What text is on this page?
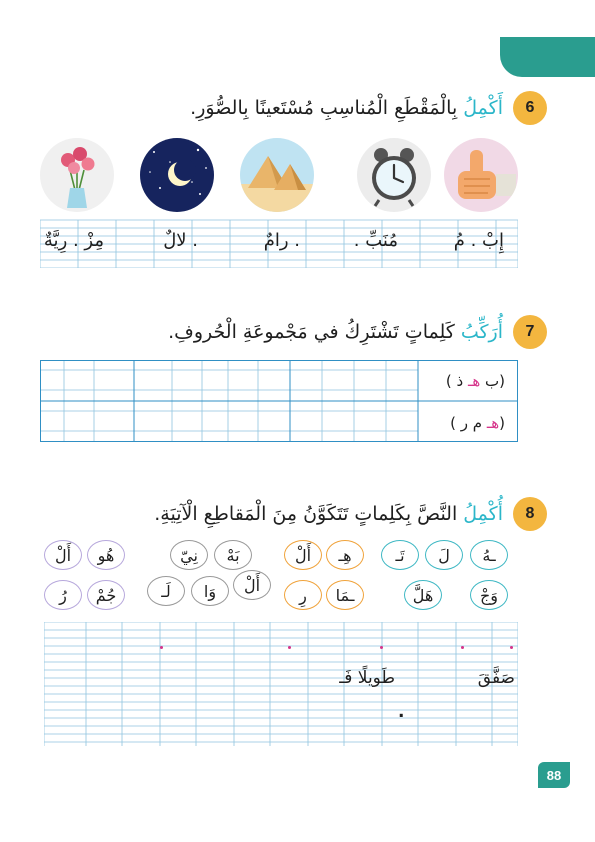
6
أَكْمِلُ بِالْمَقْطَعِ الْمُناسِبِ مُسْتَعينًا بِالصُّوَرِ.
إِبْ . مُ
مُنَبِّ .
. رامٌ
. لالٌ
مِزْ . رِيَّةٌ
7
أُرَكِّبُ كَلِماتٍ تَشْتَرِكُ في مَجْموعَةِ الْحُروفِ.
(ب هـ ذ )
(هـ م ر )
8
أُكْمِلُ النَّصَّ بِكَلِماتٍ تَتَكَوَّنُ مِنَ الْمَقاطِعِ الْآتِيَةِ.
ـهُ
لَ
تَـ
وَجْ
هَلَّ
هِـ
أَلْ
ـمَا
رِ
بَهْ
نِيّ
أَلْ
وَا
لَـ
هُو
أَلْ
جُمْ
رُ
صَفَّقَ
طَويلًا فَـ
.
88
